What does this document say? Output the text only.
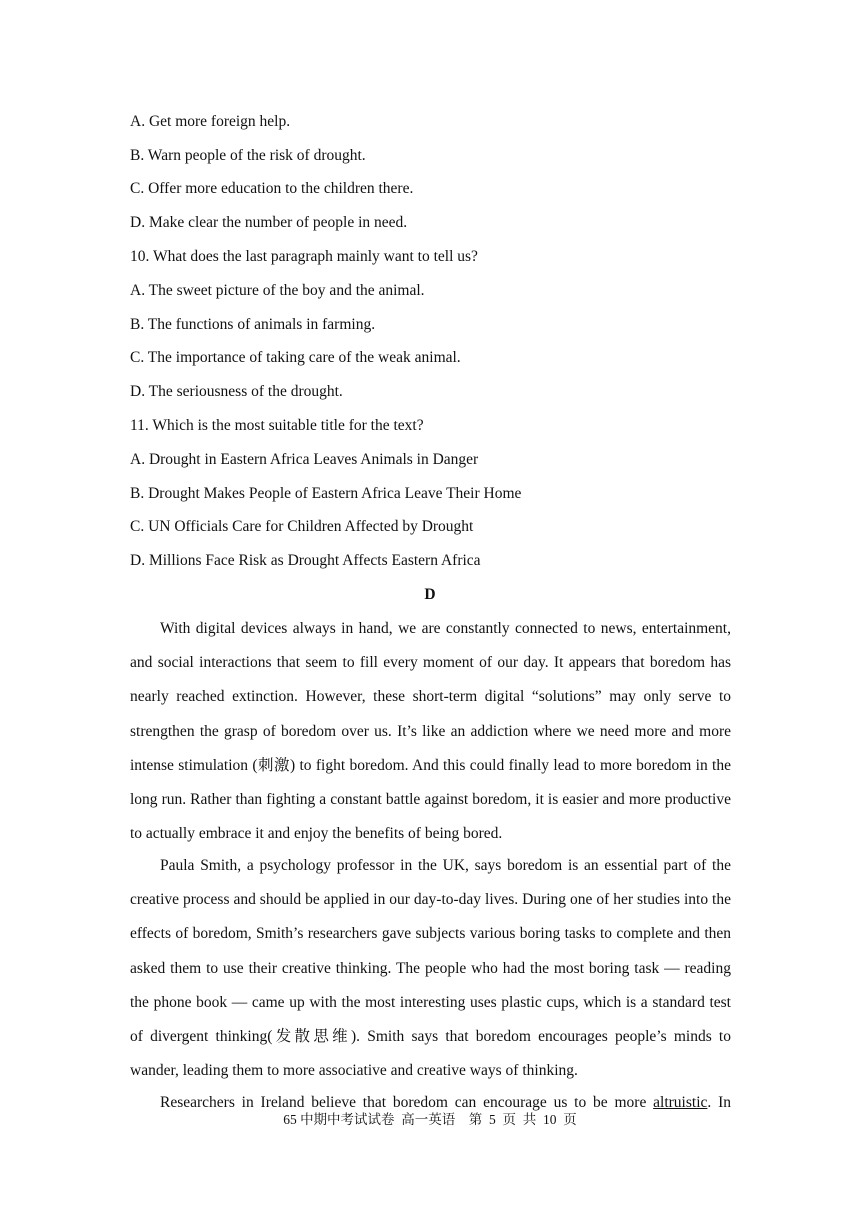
A. Get more foreign help.
B. Warn people of the risk of drought.
C. Offer more education to the children there.
D. Make clear the number of people in need.
10. What does the last paragraph mainly want to tell us?
A. The sweet picture of the boy and the animal.
B. The functions of animals in farming.
C. The importance of taking care of the weak animal.
D. The seriousness of the drought.
11. Which is the most suitable title for the text?
A. Drought in Eastern Africa Leaves Animals in Danger
B. Drought Makes People of Eastern Africa Leave Their Home
C. UN Officials Care for Children Affected by Drought
D. Millions Face Risk as Drought Affects Eastern Africa
D

With digital devices always in hand, we are constantly connected to news, entertainment, and social interactions that seem to fill every moment of our day. It appears that boredom has nearly reached extinction. However, these short-term digital “solutions” may only serve to strengthen the grasp of boredom over us. It’s like an addiction where we need more and more intense stimulation (刺激) to fight boredom. And this could finally lead to more boredom in the long run. Rather than fighting a constant battle against boredom, it is easier and more productive to actually embrace it and enjoy the benefits of being bored.

Paula Smith, a psychology professor in the UK, says boredom is an essential part of the creative process and should be applied in our day-to-day lives. During one of her studies into the effects of boredom, Smith’s researchers gave subjects various boring tasks to complete and then asked them to use their creative thinking. The people who had the most boring task — reading the phone book — came up with the most interesting uses plastic cups, which is a standard test of divergent thinking(发散思维). Smith says that boredom encourages people’s minds to wander, leading them to more associative and creative ways of thinking.

Researchers in Ireland believe that boredom can encourage us to be more altruistic. In

65 中期中考试试卷  高一英语    第  5  页  共  10  页
